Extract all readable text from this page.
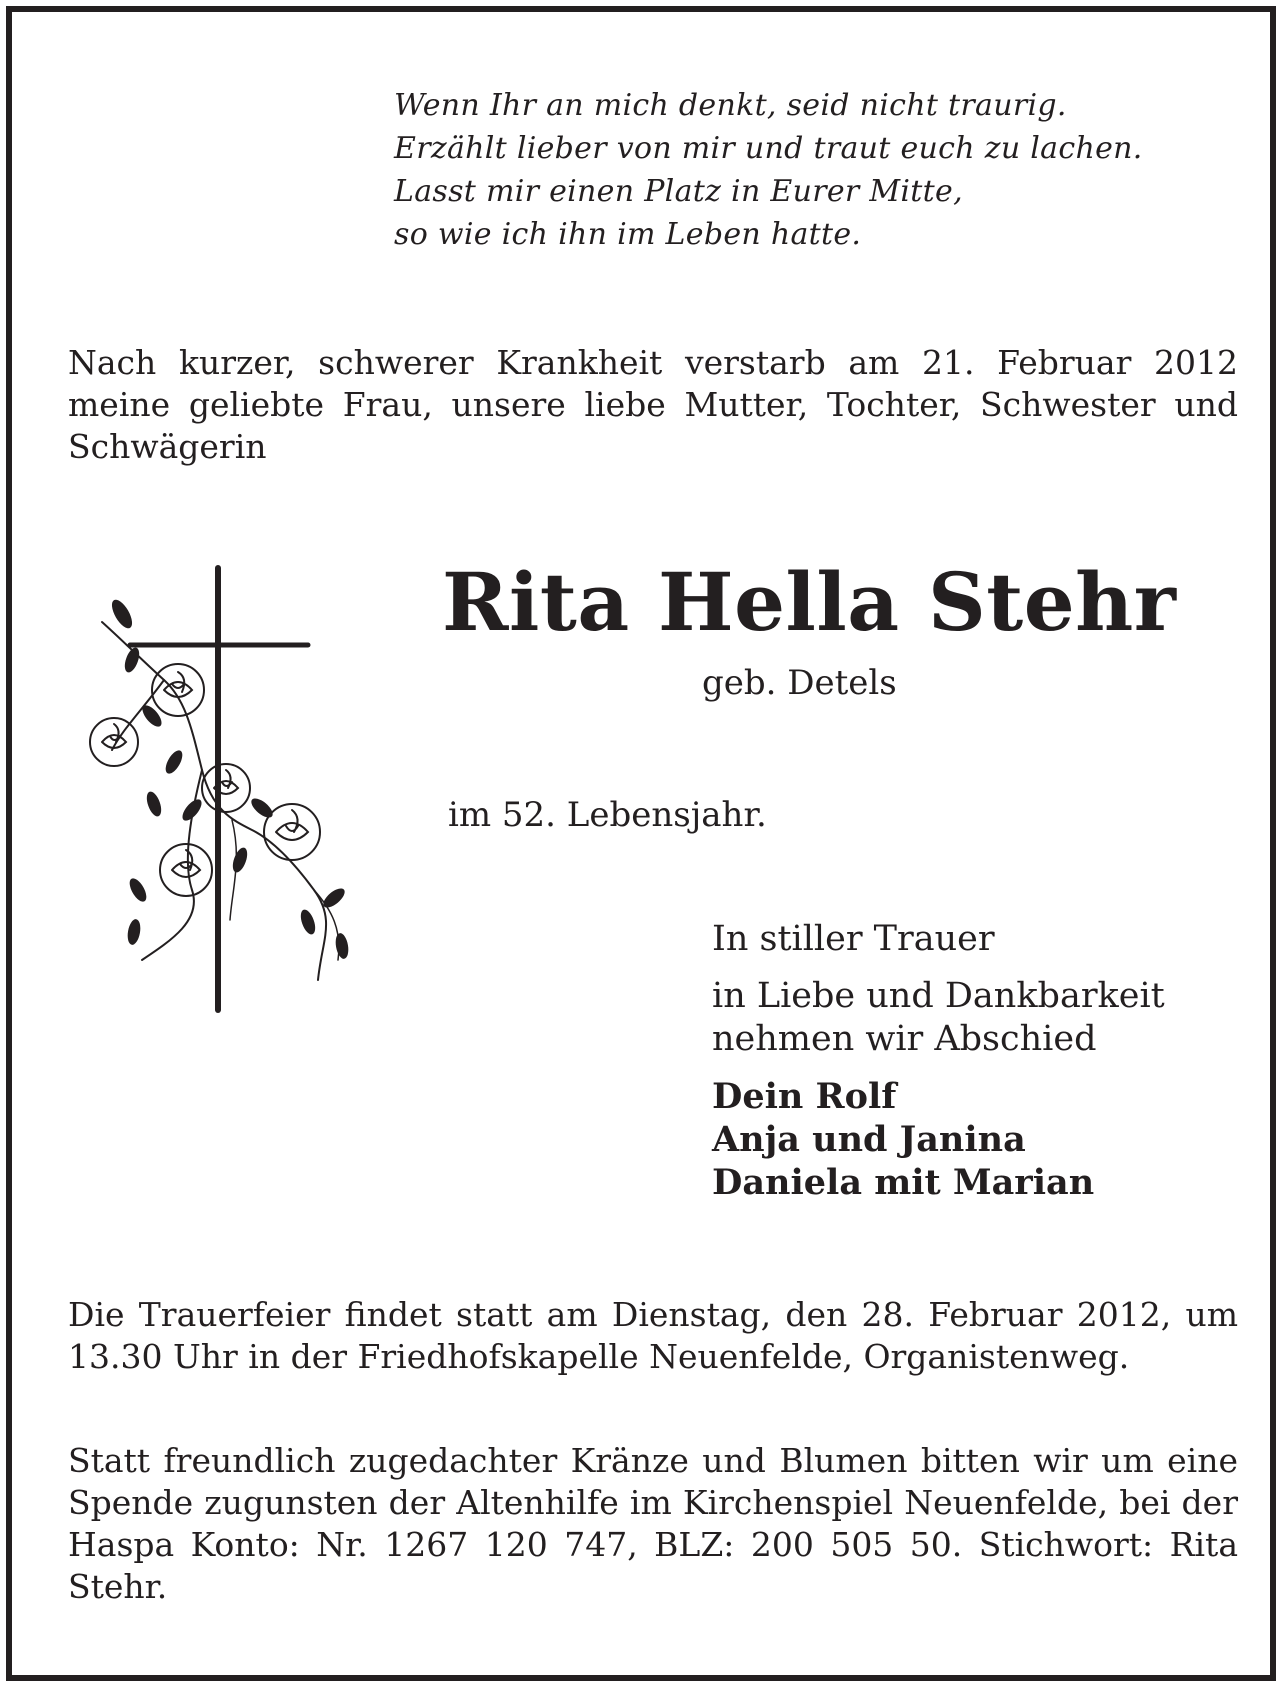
Wenn Ihr an mich denkt, seid nicht traurig.
Erzählt lieber von mir und traut euch zu lachen.
Lasst mir einen Platz in Eurer Mitte,
so wie ich ihn im Leben hatte.

Nach kurzer, schwerer Krankheit verstarb am 21. Februar 2012 meine geliebte Frau, unsere liebe Mutter, Tochter, Schwester und Schwägerin

Rita Hella Stehr
geb. Detels
im 52. Lebensjahr.
In stiller Trauer
in Liebe und Dankbarkeit
nehmen wir Abschied
Dein Rolf
Anja und Janina
Daniela mit Marian

Die Trauerfeier findet statt am Dienstag, den 28. Februar 2012, um 13.30 Uhr in der Friedhofskapelle Neuenfelde, Organistenweg.

Statt freundlich zugedachter Kränze und Blumen bitten wir um eine Spende zugunsten der Altenhilfe im Kirchenspiel Neuenfelde, bei der Haspa Konto: Nr. 1267 120 747, BLZ: 200 505 50. Stichwort: Rita Stehr.
